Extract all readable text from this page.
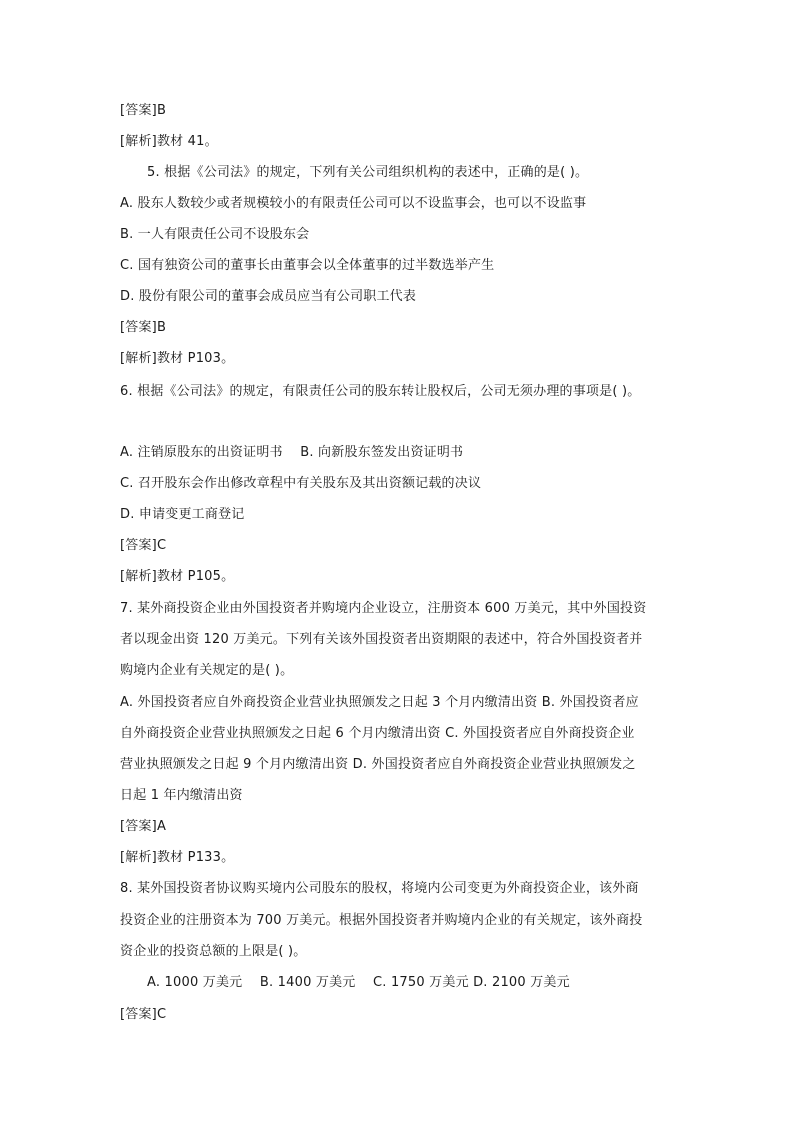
[答案]B
[解析]教材 41。
5. 根据《公司法》的规定，下列有关公司组织机构的表述中，正确的是( )。
A. 股东人数较少或者规模较小的有限责任公司可以不设监事会，也可以不设监事
B. 一人有限责任公司不设股东会
C. 国有独资公司的董事长由董事会以全体董事的过半数选举产生
D. 股份有限公司的董事会成员应当有公司职工代表
[答案]B
[解析]教材 P103。
6. 根据《公司法》的规定，有限责任公司的股东转让股权后，公司无须办理的事项是( )。
A. 注销原股东的出资证明书　 B. 向新股东签发出资证明书
C. 召开股东会作出修改章程中有关股东及其出资额记载的决议
D. 申请变更工商登记
[答案]C
[解析]教材 P105。
7. 某外商投资企业由外国投资者并购境内企业设立，注册资本 600 万美元，其中外国投资
者以现金出资 120 万美元。下列有关该外国投资者出资期限的表述中，符合外国投资者并
购境内企业有关规定的是( )。
A. 外国投资者应自外商投资企业营业执照颁发之日起 3 个月内缴清出资 B. 外国投资者应
自外商投资企业营业执照颁发之日起 6 个月内缴清出资 C. 外国投资者应自外商投资企业
营业执照颁发之日起 9 个月内缴清出资 D. 外国投资者应自外商投资企业营业执照颁发之
日起 1 年内缴清出资
[答案]A
[解析]教材 P133。
8. 某外国投资者协议购买境内公司股东的股权，将境内公司变更为外商投资企业，该外商
投资企业的注册资本为 700 万美元。根据外国投资者并购境内企业的有关规定，该外商投
资企业的投资总额的上限是( )。
A. 1000 万美元　 B. 1400 万美元　 C. 1750 万美元 D. 2100 万美元
[答案]C
